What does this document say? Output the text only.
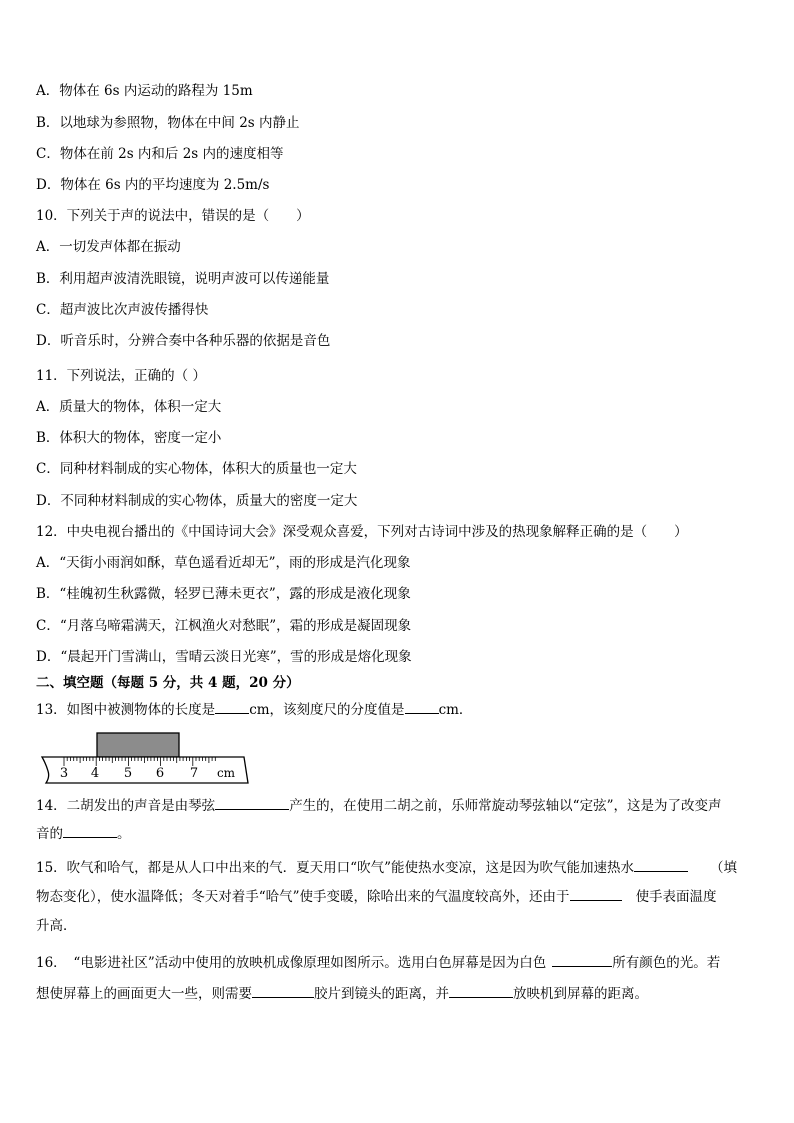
A．物体在 6s 内运动的路程为 15m
B．以地球为参照物，物体在中间 2s 内静止
C．物体在前 2s 内和后 2s 内的速度相等
D．物体在 6s 内的平均速度为 2.5m/s
10．下列关于声的说法中，错误的是（　　）
A．一切发声体都在振动
B．利用超声波清洗眼镜，说明声波可以传递能量
C．超声波比次声波传播得快
D．听音乐时，分辨合奏中各种乐器的依据是音色
11．下列说法，正确的（ ）
A．质量大的物体，体积一定大
B．体积大的物体，密度一定小
C．同种材料制成的实心物体，体积大的质量也一定大
D．不同种材料制成的实心物体，质量大的密度一定大
12．中央电视台播出的《中国诗词大会》深受观众喜爱，下列对古诗词中涉及的热现象解释正确的是（　　）
A．“天街小雨润如酥，草色遥看近却无”，雨的形成是汽化现象
B．“桂魄初生秋露微，轻罗已薄未更衣”，露的形成是液化现象
C．“月落乌啼霜满天，江枫渔火对愁眠”，霜的形成是凝固现象
D．“晨起开门雪满山，雪晴云淡日光寒”，雪的形成是熔化现象
二、填空题（每题 5 分，共 4 题，20 分）
13．如图中被测物体的长度是	cm，该刻度尺的分度值是	cm．
3 4 5 6 7 cm
14．二胡发出的声音是由琴弦	产生的，在使用二胡之前，乐师常旋动琴弦轴以“定弦”，这是为了改变声
音的	。
15．吹气和哈气，都是从人口中出来的气．夏天用口“吹气”能使热水变凉，这是因为吹气能加速热水	（填
物态变化），使水温降低；冬天对着手“哈气”使手变暖，除哈出来的气温度较高外，还由于	使手表面温度
升高．
16．　“电影进社区”活动中使用的放映机成像原理如图所示。选用白色屏幕是因为白色	所有颜色的光。若
想使屏幕上的画面更大一些，则需要	胶片到镜头的距离，并	放映机到屏幕的距离。
